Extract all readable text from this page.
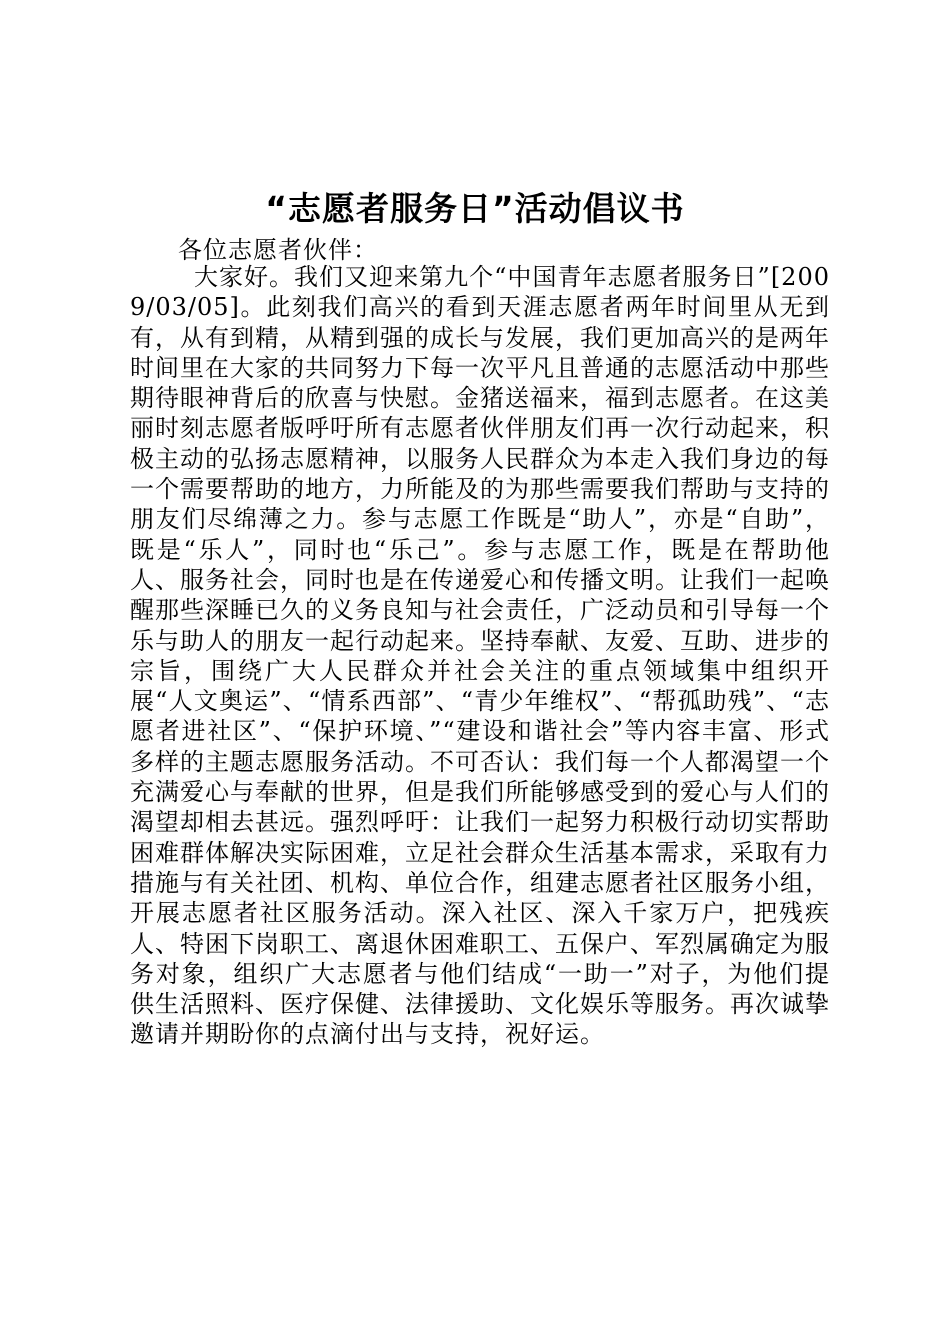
“志愿者服务日”活动倡议书
各位志愿者伙伴：
大家好。我们又迎来第九个“中国青年志愿者服务日”[2009/03/05]。此刻我们高兴的看到天涯志愿者两年时间里从无到有，从有到精，从精到强的成长与发展，我们更加高兴的是两年时间里在大家的共同努力下每一次平凡且普通的志愿活动中那些期待眼神背后的欣喜与快慰。金猪送福来，福到志愿者。在这美丽时刻志愿者版呼吁所有志愿者伙伴朋友们再一次行动起来，积极主动的弘扬志愿精神，以服务人民群众为本走入我们身边的每一个需要帮助的地方，力所能及的为那些需要我们帮助与支持的朋友们尽绵薄之力。参与志愿工作既是“助人”，亦是“自助”，既是“乐人”，同时也“乐己”。参与志愿工作，既是在帮助他人、服务社会，同时也是在传递爱心和传播文明。让我们一起唤醒那些深睡已久的义务良知与社会责任，广泛动员和引导每一个乐与助人的朋友一起行动起来。坚持奉献、友爱、互助、进步的宗旨，围绕广大人民群众并社会关注的重点领域集中组织开展“人文奥运”、“情系西部”、“青少年维权”、“帮孤助残”、“志愿者进社区”、“保护环境、”“建设和谐社会”等内容丰富、形式多样的主题志愿服务活动。不可否认：我们每一个人都渴望一个充满爱心与奉献的世界，但是我们所能够感受到的爱心与人们的渴望却相去甚远。强烈呼吁：让我们一起努力积极行动切实帮助困难群体解决实际困难，立足社会群众生活基本需求，采取有力措施与有关社团、机构、单位合作，组建志愿者社区服务小组，开展志愿者社区服务活动。深入社区、深入千家万户，把残疾人、特困下岗职工、离退休困难职工、五保户、军烈属确定为服务对象，组织广大志愿者与他们结成“一助一”对子，为他们提供生活照料、医疗保健、法律援助、文化娱乐等服务。再次诚挚邀请并期盼你的点滴付出与支持，祝好运。
